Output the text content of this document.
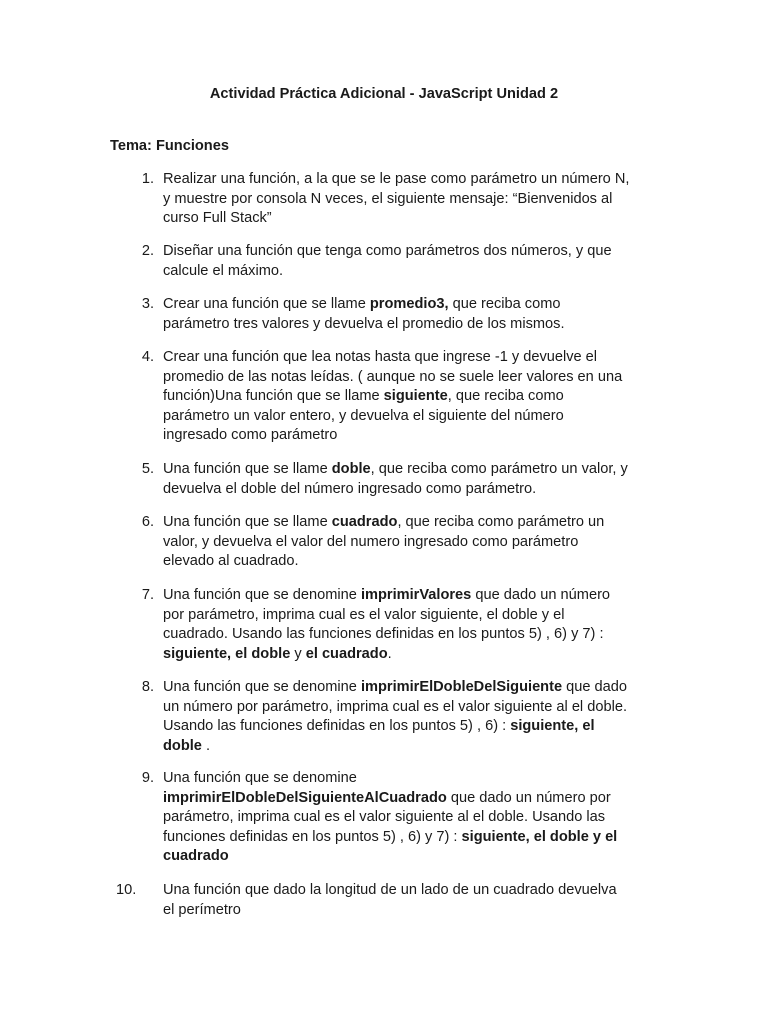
Actividad Práctica Adicional - JavaScript Unidad 2
Tema: Funciones
1. Realizar una función, a la que se le pase como parámetro un número N,
y muestre por consola N veces, el siguiente mensaje: “Bienvenidos al
curso Full Stack”
2. Diseñar una función que tenga como parámetros dos números, y que
calcule el máximo.
3. Crear una función que se llame promedio3, que reciba como
parámetro tres valores y devuelva el promedio de los mismos.
4. Crear una función que lea notas hasta que ingrese -1 y devuelve el
promedio de las notas leídas. ( aunque no se suele leer valores en una
función)Una función que se llame siguiente, que reciba como
parámetro un valor entero, y devuelva el siguiente del número
ingresado como parámetro
5. Una función que se llame doble, que reciba como parámetro un valor, y
devuelva el doble del número ingresado como parámetro.
6. Una función que se llame cuadrado, que reciba como parámetro un
valor, y devuelva el valor del numero ingresado como parámetro
elevado al cuadrado.
7. Una función que se denomine imprimirValores que dado un número
por parámetro, imprima cual es el valor siguiente, el doble y el
cuadrado. Usando las funciones definidas en los puntos 5) , 6) y 7) :
siguiente, el doble y el cuadrado.
8. Una función que se denomine imprimirElDobleDelSiguiente que dado
un número por parámetro, imprima cual es el valor siguiente al el doble.
Usando las funciones definidas en los puntos 5) , 6) : siguiente, el
doble .
9. Una función que se denomine
imprimirElDobleDelSiguienteAlCuadrado que dado un número por
parámetro, imprima cual es el valor siguiente al el doble. Usando las
funciones definidas en los puntos 5) , 6) y 7) : siguiente, el doble y el
cuadrado
10.	Una función que dado la longitud de un lado de un cuadrado devuelva
el perímetro
